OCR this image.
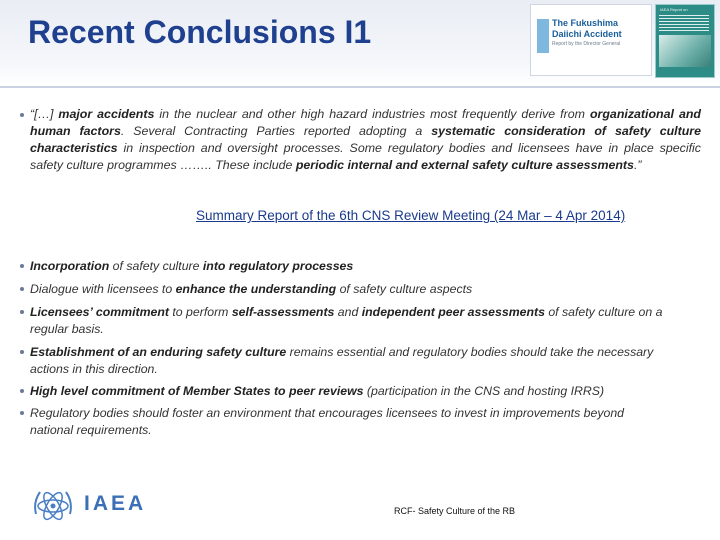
Recent Conclusions I1	The Fukushima
Daiichi Accident
Report by the Director General
IAEA Report on
“[…] major accidents in the nuclear and other high hazard industries most frequently derive from organizational and human factors. Several Contracting Parties reported adopting a systematic consideration of safety culture characteristics in inspection and oversight processes. Some regulatory bodies and licensees have in place specific safety culture programmes …….. These include periodic internal and external safety culture assessments.”
Summary Report of the 6th CNS Review Meeting (24 Mar – 4 Apr 2014)
Incorporation of safety culture into regulatory processes
Dialogue with licensees to enhance the understanding of safety culture aspects
Licensees’ commitment to perform self-assessments and independent peer assessments of safety culture on a regular basis.
Establishment of an enduring safety culture remains essential and regulatory bodies should take the necessary actions in this direction.
High level commitment of Member States to peer reviews (participation in the CNS and hosting IRRS)
Regulatory bodies should foster an environment that encourages licensees to invest in improvements beyond national requirements.
IAEA	RCF- Safety Culture of the RB
